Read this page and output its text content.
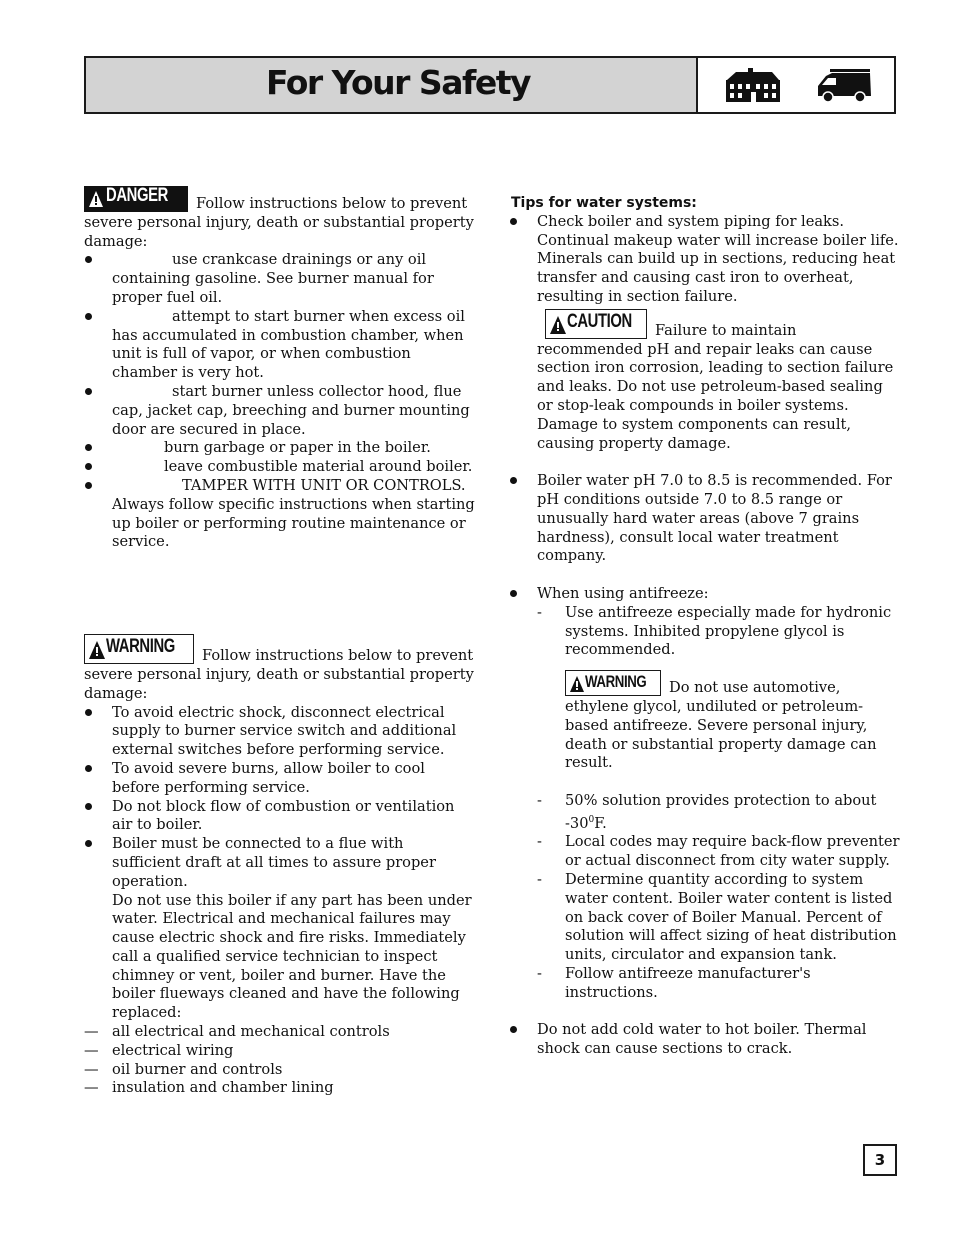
For Your Safety

DANGER Follow instructions below to prevent severe personal injury, death or substantial property damage:

use crankcase drainings or any oil containing gasoline. See burner manual for proper fuel oil.
attempt to start burner when excess oil has accumulated in combustion chamber, when unit is full of vapor, or when combustion chamber is very hot.
start burner unless collector hood, flue cap, jacket cap, breeching and burner mounting door are secured in place.
burn garbage or paper in the boiler.
leave combustible material around boiler.
TAMPER WITH UNIT OR CONTROLS. Always follow specific instructions when starting up boiler or performing routine maintenance or service.

WARNING Follow instructions below to prevent severe personal injury, death or substantial property damage:

To avoid electric shock, disconnect electrical supply to burner service switch and additional external switches before performing service.
To avoid severe burns, allow boiler to cool before performing service.
Do not block flow of combustion or ventilation air to boiler.
Boiler must be connected to a flue with sufficient draft at all times to assure proper operation.
Do not use this boiler if any part has been under water. Electrical and mechanical failures may cause electric shock and fire risks. Immediately call a qualified service technician to inspect chimney or vent, boiler and burner. Have the boiler flueways cleaned and have the following replaced:
— all electrical and mechanical controls
— electrical wiring
— oil burner and controls
— insulation and chamber lining

Tips for water systems:

Check boiler and system piping for leaks. Continual makeup water will increase boiler life. Minerals can build up in sections, reducing heat transfer and causing cast iron to overheat, resulting in section failure.

CAUTION Failure to maintain recommended pH and repair leaks can cause section iron corrosion, leading to section failure and leaks. Do not use petroleum-based sealing or stop-leak compounds in boiler systems. Damage to system components can result, causing property damage.

Boiler water pH 7.0 to 8.5 is recommended. For pH conditions outside 7.0 to 8.5 range or unusually hard water areas (above 7 grains hardness), consult local water treatment company.
When using antifreeze:
- Use antifreeze especially made for hydronic systems. Inhibited propylene glycol is recommended.

WARNING Do not use automotive, ethylene glycol, undiluted or petroleum-based antifreeze. Severe personal injury, death or substantial property damage can result.

- 50% solution provides protection to about $-30^0F$.
- Local codes may require back-flow preventer or actual disconnect from city water supply.
- Determine quantity according to system water content. Boiler water content is listed on back cover of Boiler Manual. Percent of solution will affect sizing of heat distribution units, circulator and expansion tank.
- Follow antifreeze manufacturer's instructions.
Do not add cold water to hot boiler. Thermal shock can cause sections to crack.
3
